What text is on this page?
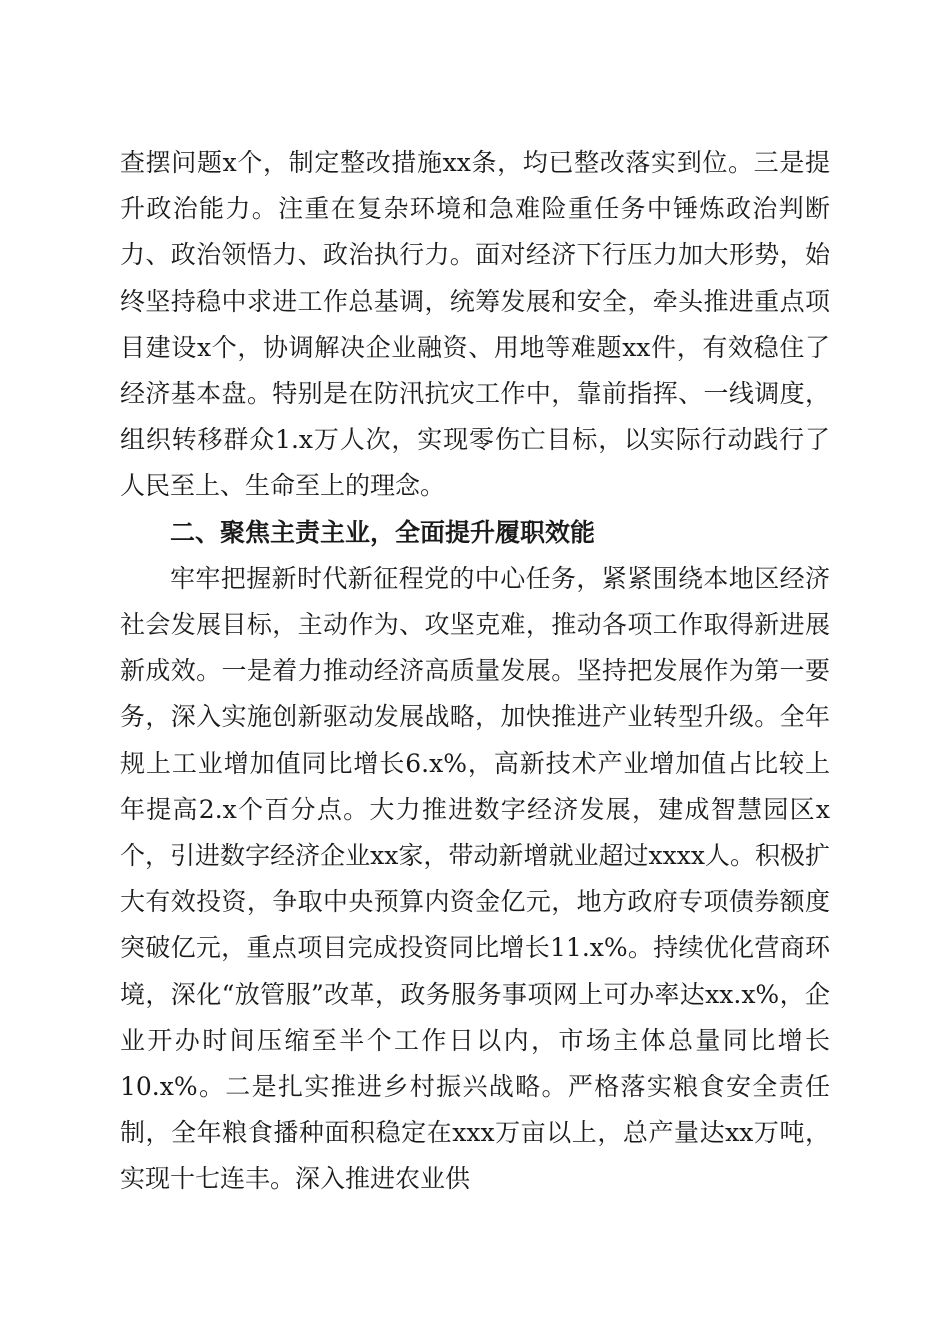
查摆问题x个，制定整改措施xx条，均已整改落实到位。三是提升政治能力。注重在复杂环境和急难险重任务中锤炼政治判断力、政治领悟力、政治执行力。面对经济下行压力加大形势，始终坚持稳中求进工作总基调，统筹发展和安全，牵头推进重点项目建设x个，协调解决企业融资、用地等难题xx件，有效稳住了经济基本盘。特别是在防汛抗灾工作中，靠前指挥、一线调度，组织转移群众1.x万人次，实现零伤亡目标，以实际行动践行了人民至上、生命至上的理念。

二、聚焦主责主业，全面提升履职效能

牢牢把握新时代新征程党的中心任务，紧紧围绕本地区经济社会发展目标，主动作为、攻坚克难，推动各项工作取得新进展新成效。一是着力推动经济高质量发展。坚持把发展作为第一要务，深入实施创新驱动发展战略，加快推进产业转型升级。全年规上工业增加值同比增长6.x%，高新技术产业增加值占比较上年提高2.x个百分点。大力推进数字经济发展，建成智慧园区x个，引进数字经济企业xx家，带动新增就业超过xxxx人。积极扩大有效投资，争取中央预算内资金亿元，地方政府专项债券额度突破亿元，重点项目完成投资同比增长11.x%。持续优化营商环境，深化“放管服”改革，政务服务事项网上可办率达xx.x%，企业开办时间压缩至半个工作日以内，市场主体总量同比增长10.x%。二是扎实推进乡村振兴战略。严格落实粮食安全责任制，全年粮食播种面积稳定在xxx万亩以上，总产量达xx万吨，实现十七连丰。深入推进农业供
